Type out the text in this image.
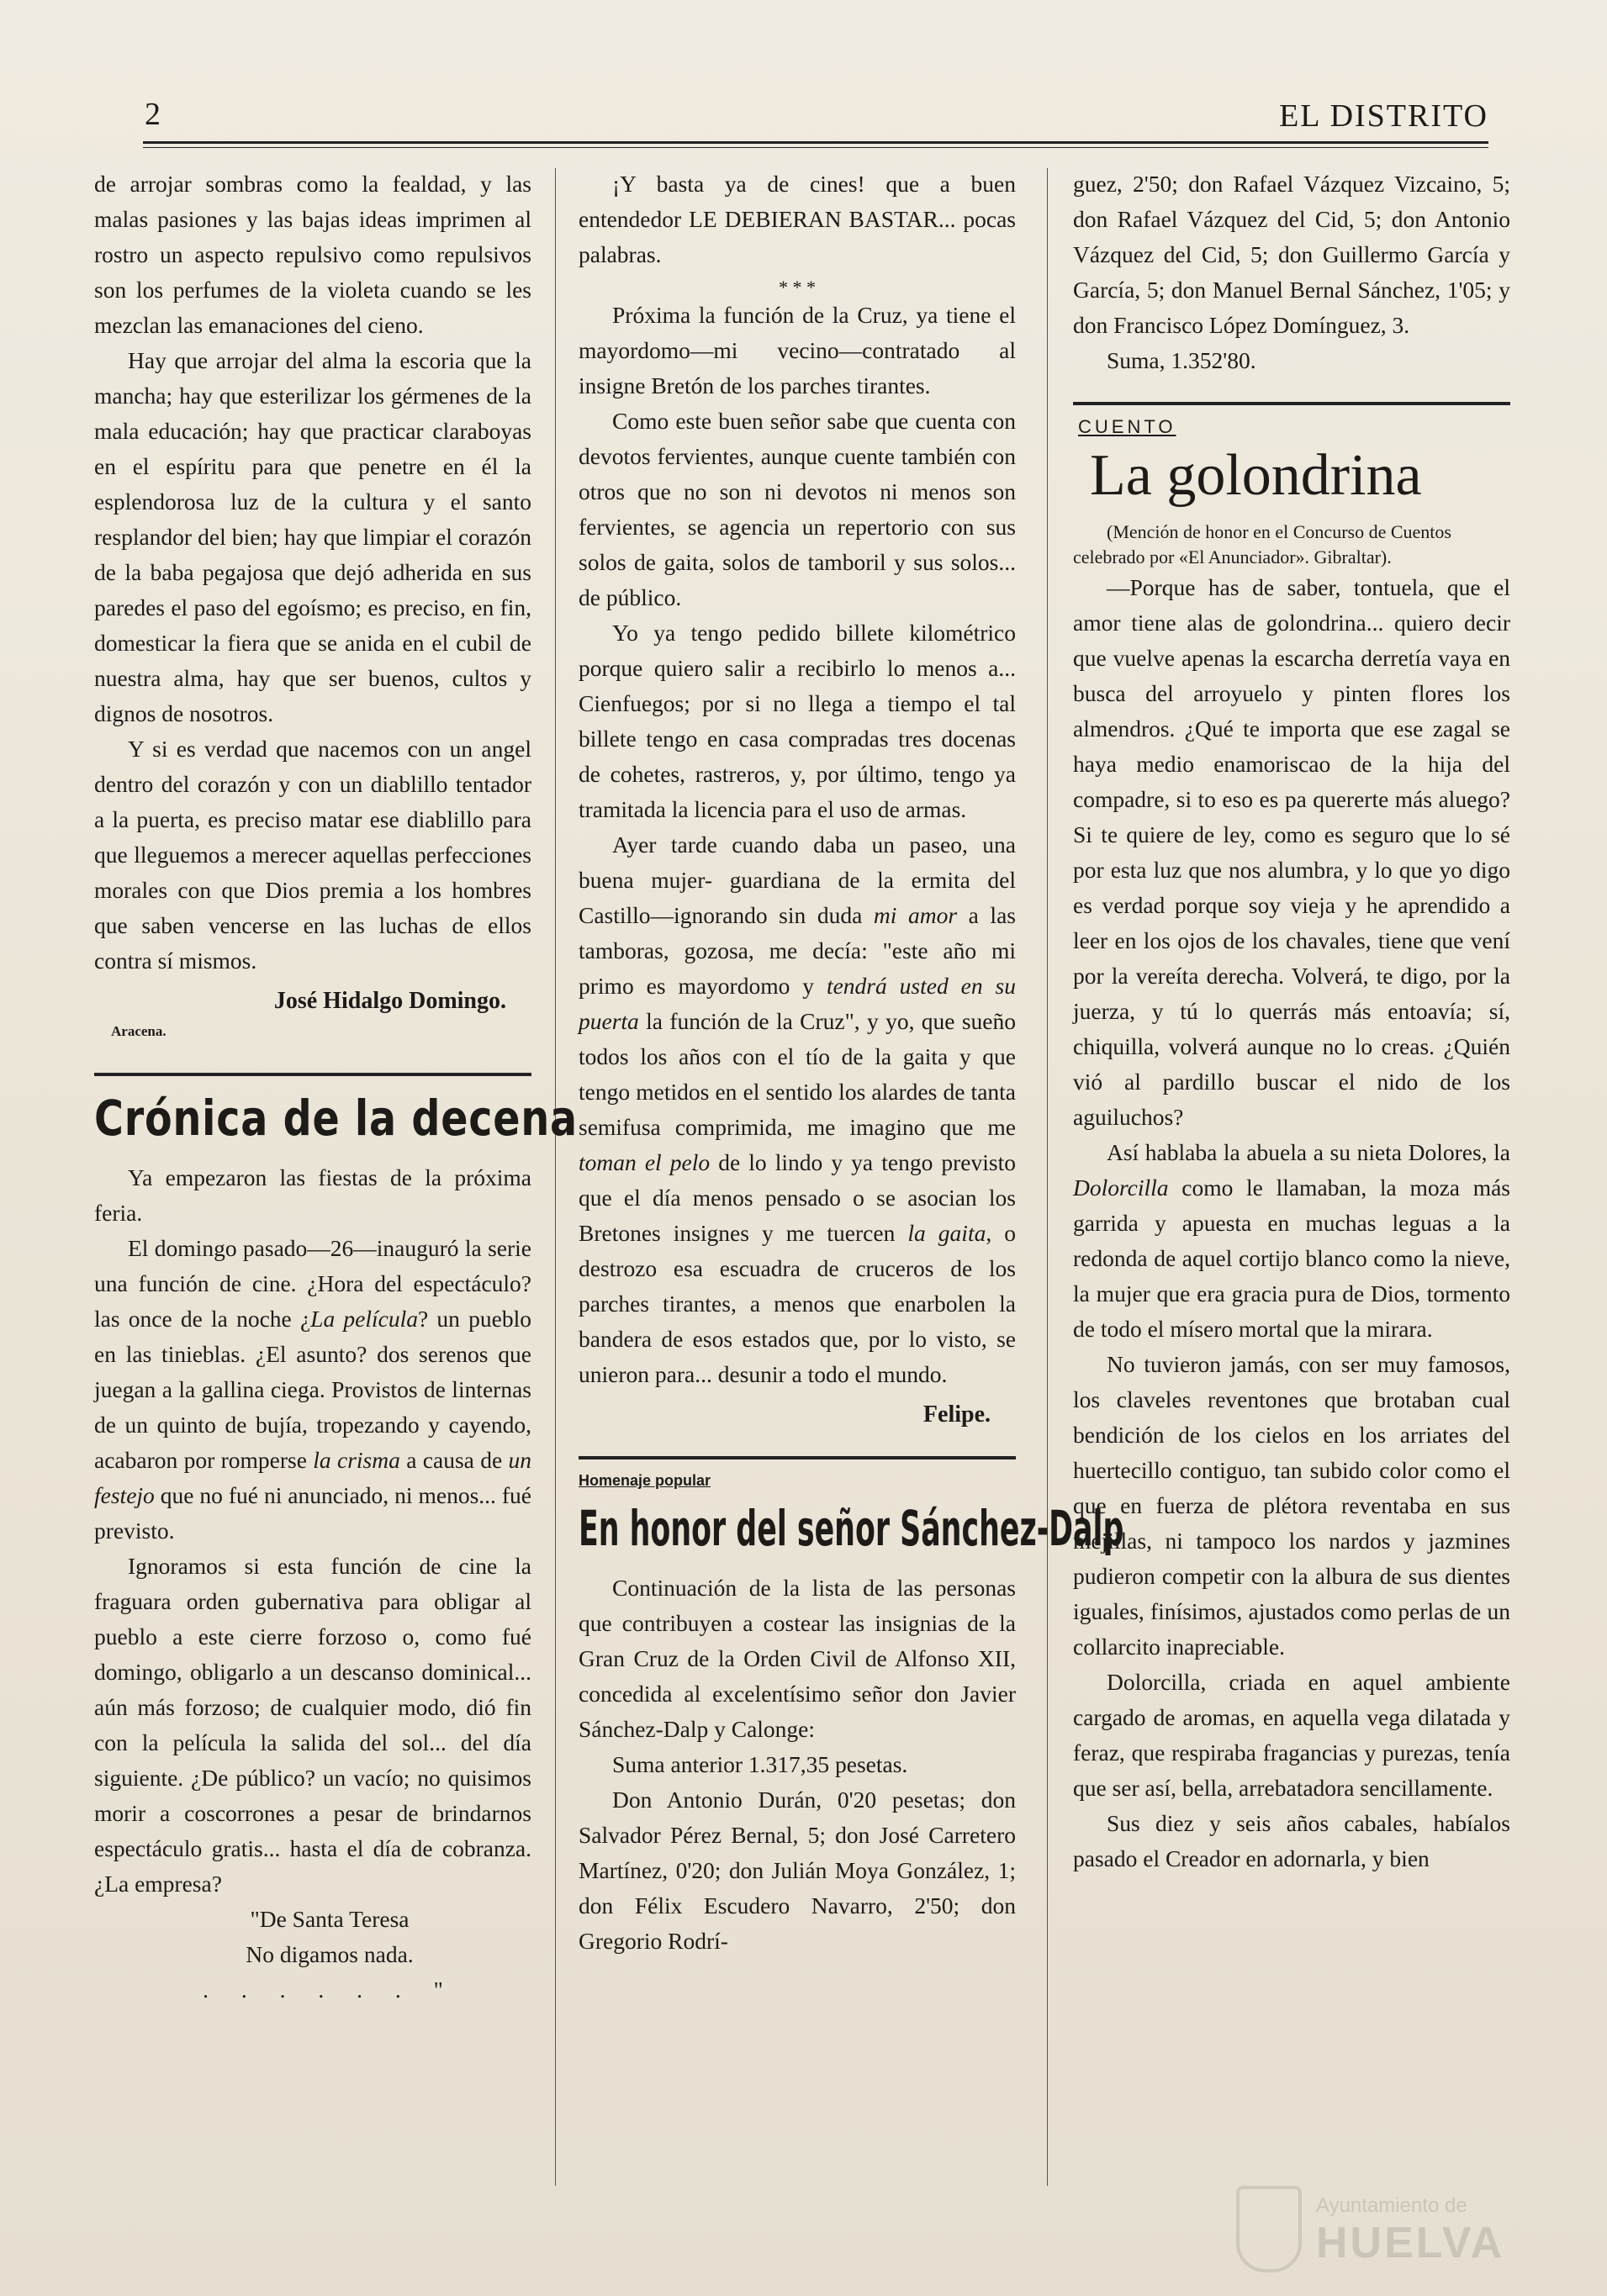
2	EL DISTRITO

de arrojar sombras como la fealdad, y las malas pasiones y las bajas ideas imprimen al rostro un aspecto repulsivo como repulsivos son los perfumes de la violeta cuando se les mezclan las emanaciones del cieno.

Hay que arrojar del alma la escoria que la mancha; hay que esterilizar los gérmenes de la mala educación; hay que practicar claraboyas en el espíritu para que penetre en él la esplendorosa luz de la cultura y el santo resplandor del bien; hay que limpiar el corazón de la baba pegajosa que dejó adherida en sus paredes el paso del egoísmo; es preciso, en fin, domesticar la fiera que se anida en el cubil de nuestra alma, hay que ser buenos, cultos y dignos de nosotros.

Y si es verdad que nacemos con un angel dentro del corazón y con un diablillo tentador a la puerta, es preciso matar ese diablillo para que lleguemos a merecer aquellas perfecciones morales con que Dios premia a los hombres que saben vencerse en las luchas de ellos contra sí mismos.

José Hidalgo Domingo.
Aracena.
Crónica de la decena

Ya empezaron las fiestas de la próxima feria.

El domingo pasado—26—inauguró la serie una función de cine. ¿Hora del espectáculo? las once de la noche ¿La película? un pueblo en las tinieblas. ¿El asunto? dos serenos que juegan a la gallina ciega. Provistos de linternas de un quinto de bujía, tropezando y cayendo, acabaron por romperse la crisma a causa de un festejo que no fué ni anunciado, ni menos... fué previsto.

Ignoramos si esta función de cine la fraguara orden gubernativa para obligar al pueblo a este cierre forzoso o, como fué domingo, obligarlo a un descanso dominical... aún más forzoso; de cualquier modo, dió fin con la película la salida del sol... del día siguiente. ¿De público? un vacío; no quisimos morir a coscorrones a pesar de brindarnos espectáculo gratis... hasta el día de cobranza. ¿La empresa?

"De Santa Teresa

No digamos nada.

. . . . . . "

¡Y basta ya de cines! que a buen entendedor LE DEBIERAN BASTAR... pocas palabras.

* * *

Próxima la función de la Cruz, ya tiene el mayordomo—mi vecino—contratado al insigne Bretón de los parches tirantes.

Como este buen señor sabe que cuenta con devotos fervientes, aunque cuente también con otros que no son ni devotos ni menos son fervientes, se agencia un repertorio con sus solos de gaita, solos de tamboril y sus solos... de público.

Yo ya tengo pedido billete kilométrico porque quiero salir a recibirlo lo menos a... Cienfuegos; por si no llega a tiempo el tal billete tengo en casa compradas tres docenas de cohetes, rastreros, y, por último, tengo ya tramitada la licencia para el uso de armas.

Ayer tarde cuando daba un paseo, una buena mujer- guardiana de la ermita del Castillo—ignorando sin duda mi amor a las tamboras, gozosa, me decía: "este año mi primo es mayordomo y tendrá usted en su puerta la función de la Cruz", y yo, que sueño todos los años con el tío de la gaita y que tengo metidos en el sentido los alardes de tanta semifusa comprimida, me imagino que me toman el pelo de lo lindo y ya tengo previsto que el día menos pensado o se asocian los Bretones insignes y me tuercen la gaita, o destrozo esa escuadra de cruceros de los parches tirantes, a menos que enarbolen la bandera de esos estados que, por lo visto, se unieron para... desunir a todo el mundo.

Felipe.
Homenaje popular
En honor del señor Sánchez-Dalp

Continuación de la lista de las personas que contribuyen a costear las insignias de la Gran Cruz de la Orden Civil de Alfonso XII, concedida al excelentísimo señor don Javier Sánchez-Dalp y Calonge:

Suma anterior 1.317,35 pesetas.

Don Antonio Durán, 0'20 pesetas; don Salvador Pérez Bernal, 5; don José Carretero Martínez, 0'20; don Julián Moya González, 1; don Félix Escudero Navarro, 2'50; don Gregorio Rodrí-

guez, 2'50; don Rafael Vázquez Vizcaino, 5; don Rafael Vázquez del Cid, 5; don Antonio Vázquez del Cid, 5; don Guillermo García y García, 5; don Manuel Bernal Sánchez, 1'05; y don Francisco López Domínguez, 3.

Suma, 1.352'80.

CUENTO
La golondrina

(Mención de honor en el Concurso de Cuentos celebrado por «El Anunciador». Gibraltar).

—Porque has de saber, tontuela, que el amor tiene alas de golondrina... quiero decir que vuelve apenas la escarcha derretía vaya en busca del arroyuelo y pinten flores los almendros. ¿Qué te importa que ese zagal se haya medio enamoriscao de la hija del compadre, si to eso es pa quererte más aluego? Si te quiere de ley, como es seguro que lo sé por esta luz que nos alumbra, y lo que yo digo es verdad porque soy vieja y he aprendido a leer en los ojos de los chavales, tiene que vení por la vereíta derecha. Volverá, te digo, por la juerza, y tú lo querrás más entoavía; sí, chiquilla, volverá aunque no lo creas. ¿Quién vió al pardillo buscar el nido de los aguiluchos?

Así hablaba la abuela a su nieta Dolores, la Dolorcilla como le llamaban, la moza más garrida y apuesta en muchas leguas a la redonda de aquel cortijo blanco como la nieve, la mujer que era gracia pura de Dios, tormento de todo el mísero mortal que la mirara.

No tuvieron jamás, con ser muy famosos, los claveles reventones que brotaban cual bendición de los cielos en los arriates del huertecillo contiguo, tan subido color como el que en fuerza de plétora reventaba en sus mejillas, ni tampoco los nardos y jazmines pudieron competir con la albura de sus dientes iguales, finísimos, ajustados como perlas de un collarcito inapreciable.

Dolorcilla, criada en aquel ambiente cargado de aromas, en aquella vega dilatada y feraz, que respiraba fragancias y purezas, tenía que ser así, bella, arrebatadora sencillamente.

Sus diez y seis años cabales, habíalos pasado el Creador en adornarla, y bien

Ayuntamiento de
HUELVA
